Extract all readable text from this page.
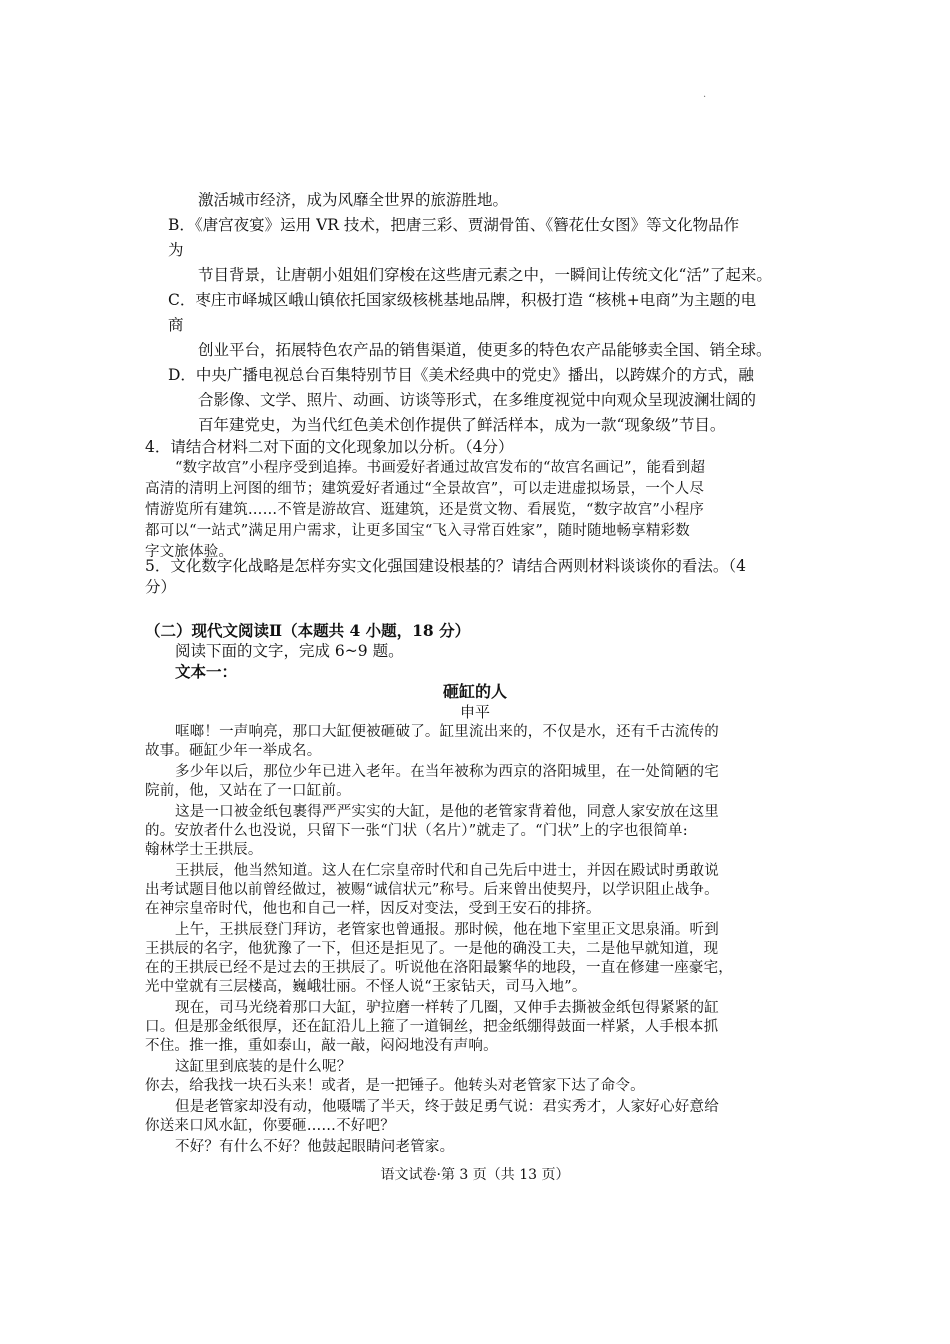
·
激活城市经济，成为风靡全世界的旅游胜地。
B．《唐宫夜宴》运用 VR 技术，把唐三彩、贾湖骨笛、《簪花仕女图》等文化物品作
为
节目背景，让唐朝小姐姐们穿梭在这些唐元素之中，一瞬间让传统文化“活”了起来。
C．枣庄市峄城区峨山镇依托国家级核桃基地品牌，积极打造 “核桃+电商”为主题的电
商
创业平台，拓展特色农产品的销售渠道，使更多的特色农产品能够卖全国、销全球。
D．中央广播电视总台百集特别节目《美术经典中的党史》播出，以跨媒介的方式，融
合影像、文学、照片、动画、访谈等形式，在多维度视觉中向观众呈现波澜壮阔的
百年建党史，为当代红色美术创作提供了鲜活样本，成为一款“现象级”节目。
4．请结合材料二对下面的文化现象加以分析。（4分）
“数字故宫”小程序受到追捧。书画爱好者通过故宫发布的“故宫名画记”，能看到超
高清的清明上河图的细节；建筑爱好者通过“全景故宫”，可以走进虚拟场景，一个人尽
情游览所有建筑……不管是游故宫、逛建筑，还是赏文物、看展览，“数字故宫”小程序
都可以“一站式”满足用户需求，让更多国宝“飞入寻常百姓家”，随时随地畅享精彩数
字文旅体验。
5．文化数字化战略是怎样夯实文化强国建设根基的？请结合两则材料谈谈你的看法。（4
分）
（二）现代文阅读Ⅱ（本题共 4 小题，18 分）
阅读下面的文字，完成 6~9 题。
文本一：
砸缸的人
申平
哐啷！一声响亮，那口大缸便被砸破了。缸里流出来的，不仅是水，还有千古流传的
故事。砸缸少年一举成名。
多少年以后，那位少年已进入老年。在当年被称为西京的洛阳城里，在一处简陋的宅
院前，他，又站在了一口缸前。
这是一口被金纸包裹得严严实实的大缸，是他的老管家背着他，同意人家安放在这里
的。安放者什么也没说，只留下一张“门状（名片）”就走了。“门状”上的字也很简单:
翰林学士王拱辰。
王拱辰，他当然知道。这人在仁宗皇帝时代和自己先后中进士，并因在殿试时勇敢说
出考试题目他以前曾经做过，被赐“诚信状元”称号。后来曾出使契丹，以学识阻止战争。
在神宗皇帝时代，他也和自己一样，因反对变法，受到王安石的排挤。
上午，王拱辰登门拜访，老管家也曾通报。那时候，他在地下室里正文思泉涌。听到
王拱辰的名字，他犹豫了一下，但还是拒见了。一是他的确没工夫，二是他早就知道，现
在的王拱辰已经不是过去的王拱辰了。听说他在洛阳最繁华的地段，一直在修建一座豪宅，
光中堂就有三层楼高，巍峨壮丽。不怪人说“王家钻天，司马入地”。
现在，司马光绕着那口大缸，驴拉磨一样转了几圈，又伸手去撕被金纸包得紧紧的缸
口。但是那金纸很厚，还在缸沿儿上箍了一道铜丝，把金纸绷得鼓面一样紧，人手根本抓
不住。推一推，重如泰山，敲一敲，闷闷地没有声响。
这缸里到底装的是什么呢？
你去，给我找一块石头来！或者，是一把锤子。他转头对老管家下达了命令。
但是老管家却没有动，他嗫嚅了半天，终于鼓足勇气说：君实秀才，人家好心好意给
你送来口风水缸，你要砸……不好吧？
不好？有什么不好？他鼓起眼睛问老管家。
语文试卷·第 3 页（共 13 页）
